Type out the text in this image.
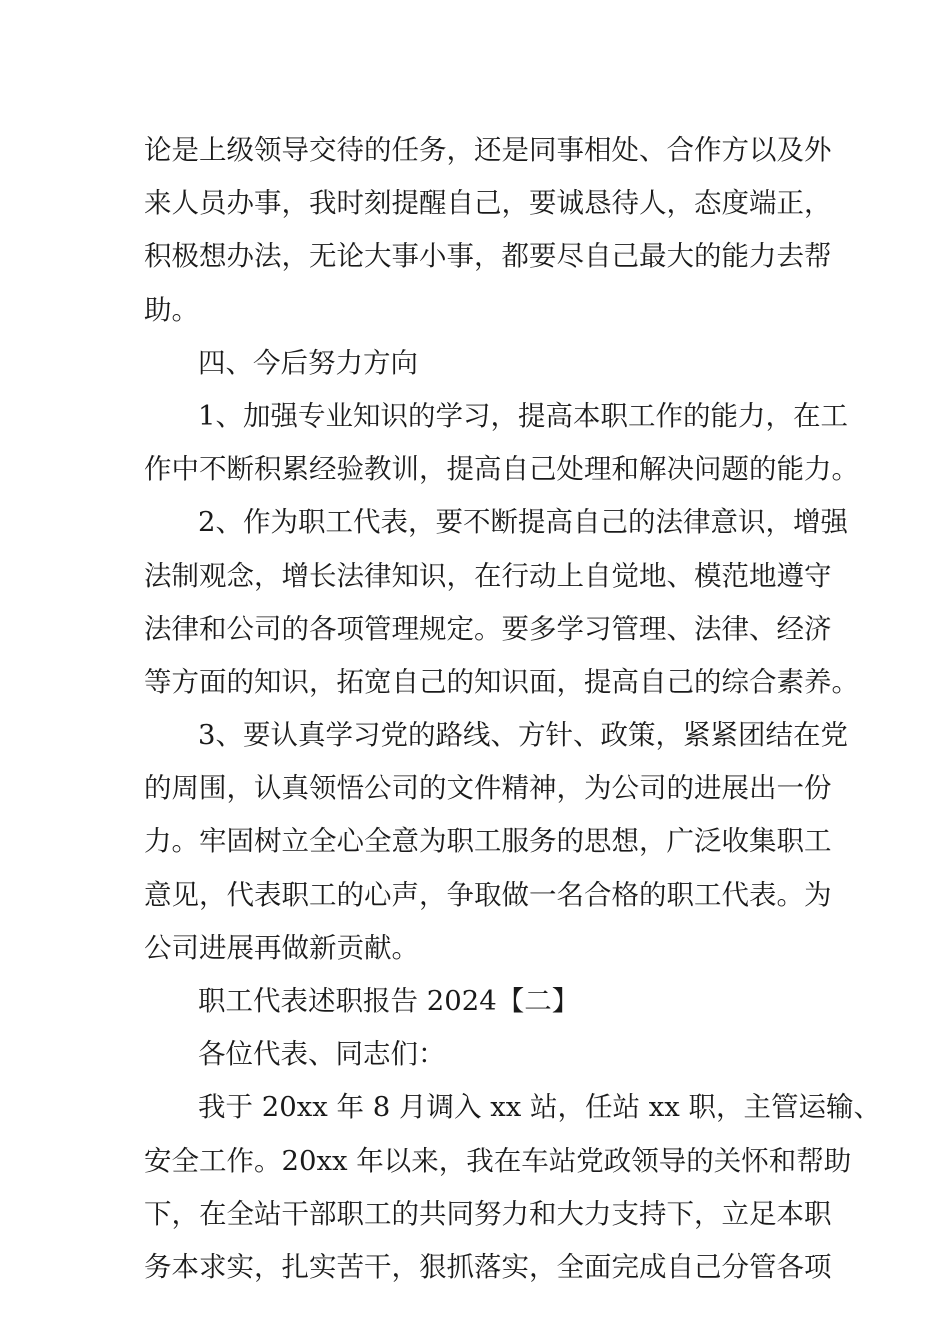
论是上级领导交待的任务，还是同事相处、合作方以及外
来人员办事，我时刻提醒自己，要诚恳待人，态度端正，
积极想办法，无论大事小事，都要尽自己最大的能力去帮
助。
四、今后努力方向
1、加强专业知识的学习，提高本职工作的能力，在工
作中不断积累经验教训，提高自己处理和解决问题的能力。
2、作为职工代表，要不断提高自己的法律意识，增强
法制观念，增长法律知识，在行动上自觉地、模范地遵守
法律和公司的各项管理规定。要多学习管理、法律、经济
等方面的知识，拓宽自己的知识面，提高自己的综合素养。
3、要认真学习党的路线、方针、政策，紧紧团结在党
的周围，认真领悟公司的文件精神，为公司的进展出一份
力。牢固树立全心全意为职工服务的思想，广泛收集职工
意见，代表职工的心声，争取做一名合格的职工代表。为
公司进展再做新贡献。
职工代表述职报告 2024【二】
各位代表、同志们：
我于 20xx 年 8 月调入 xx 站，任站 xx 职，主管运输、
安全工作。20xx 年以来，我在车站党政领导的关怀和帮助
下，在全站干部职工的共同努力和大力支持下，立足本职
务本求实，扎实苦干，狠抓落实，全面完成自己分管各项
